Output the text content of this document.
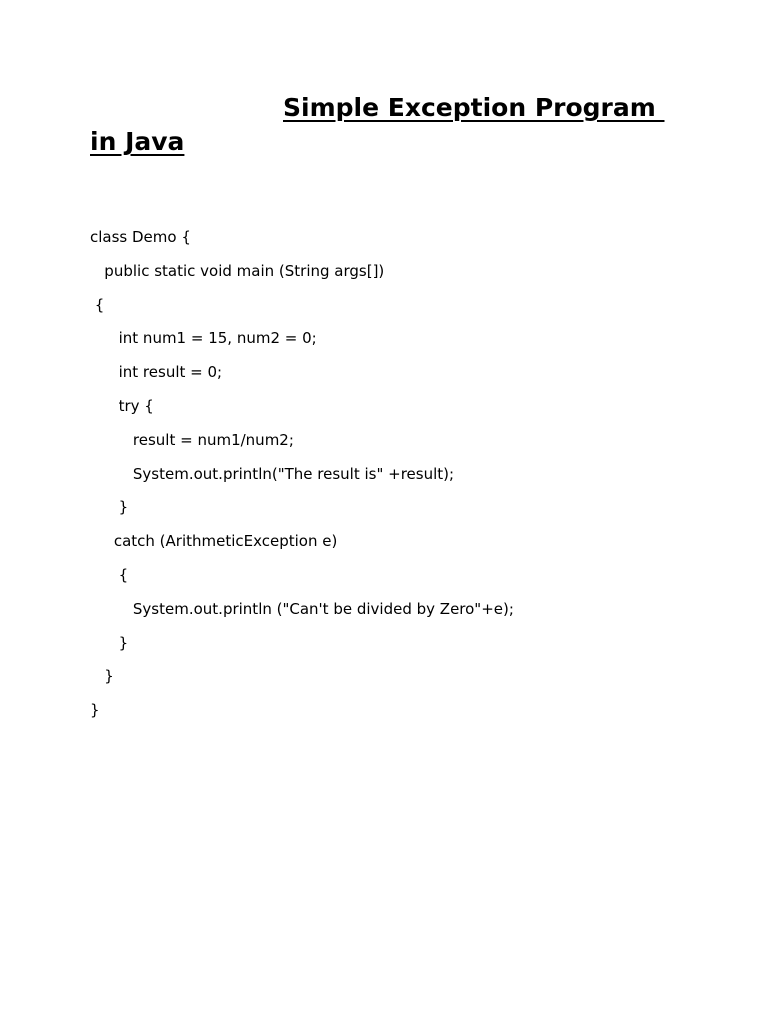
Simple Exception Program
in Java
class Demo {
public static void main (String args[])
{
int num1 = 15, num2 = 0;
int result = 0;
try {
result = num1/num2;
System.out.println("The result is" +result);
}
catch (ArithmeticException e)
{
System.out.println ("Can't be divided by Zero"+e);
}
}
}
